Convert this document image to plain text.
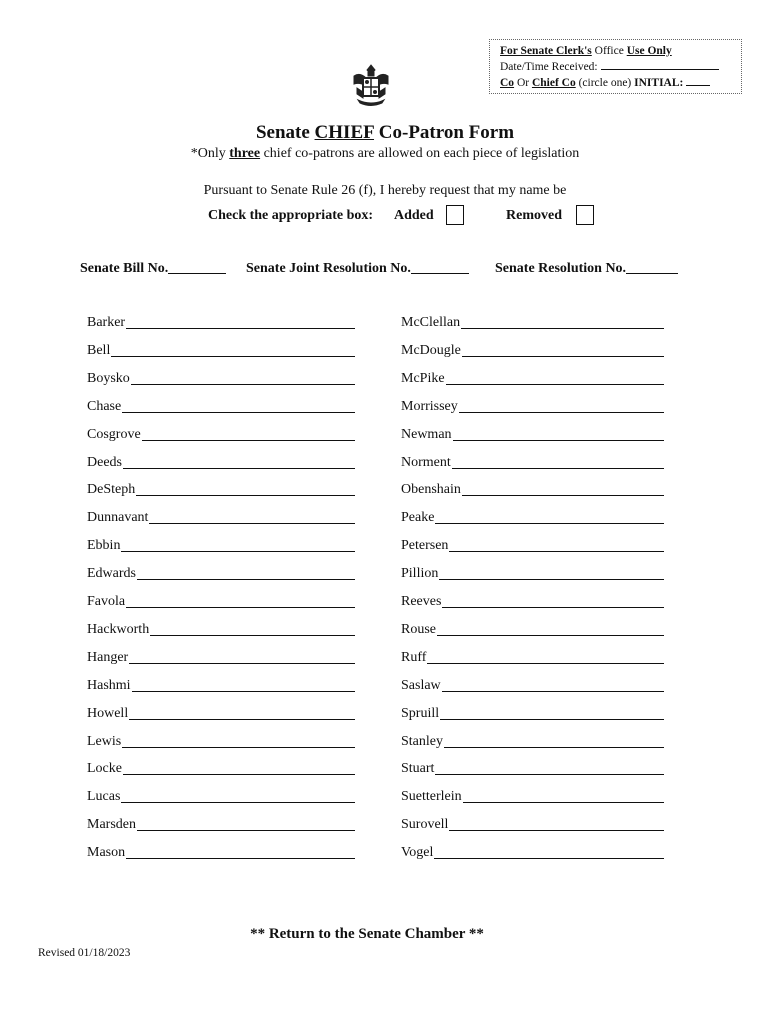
For Senate Clerk's Office Use Only
Date/Time Received:
Co Or Chief Co (circle one) INITIAL:
Senate CHIEF Co-Patron Form
*Only three chief co-patrons are allowed on each piece of legislation
Pursuant to Senate Rule 26 (f), I hereby request that my name be
Check the appropriate box: Added	Removed
Senate Bill No.	Senate Joint Resolution No.	Senate Resolution No.
Barker
Bell
Boysko
Chase
Cosgrove
Deeds
DeSteph
Dunnavant
Ebbin
Edwards
Favola
Hackworth
Hanger
Hashmi
Howell
Lewis
Locke
Lucas
Marsden
Mason
McClellan
McDougle
McPike
Morrissey
Newman
Norment
Obenshain
Peake
Petersen
Pillion
Reeves
Rouse
Ruff
Saslaw
Spruill
Stanley
Stuart
Suetterlein
Surovell
Vogel
** Return to the Senate Chamber **
Revised 01/18/2023
